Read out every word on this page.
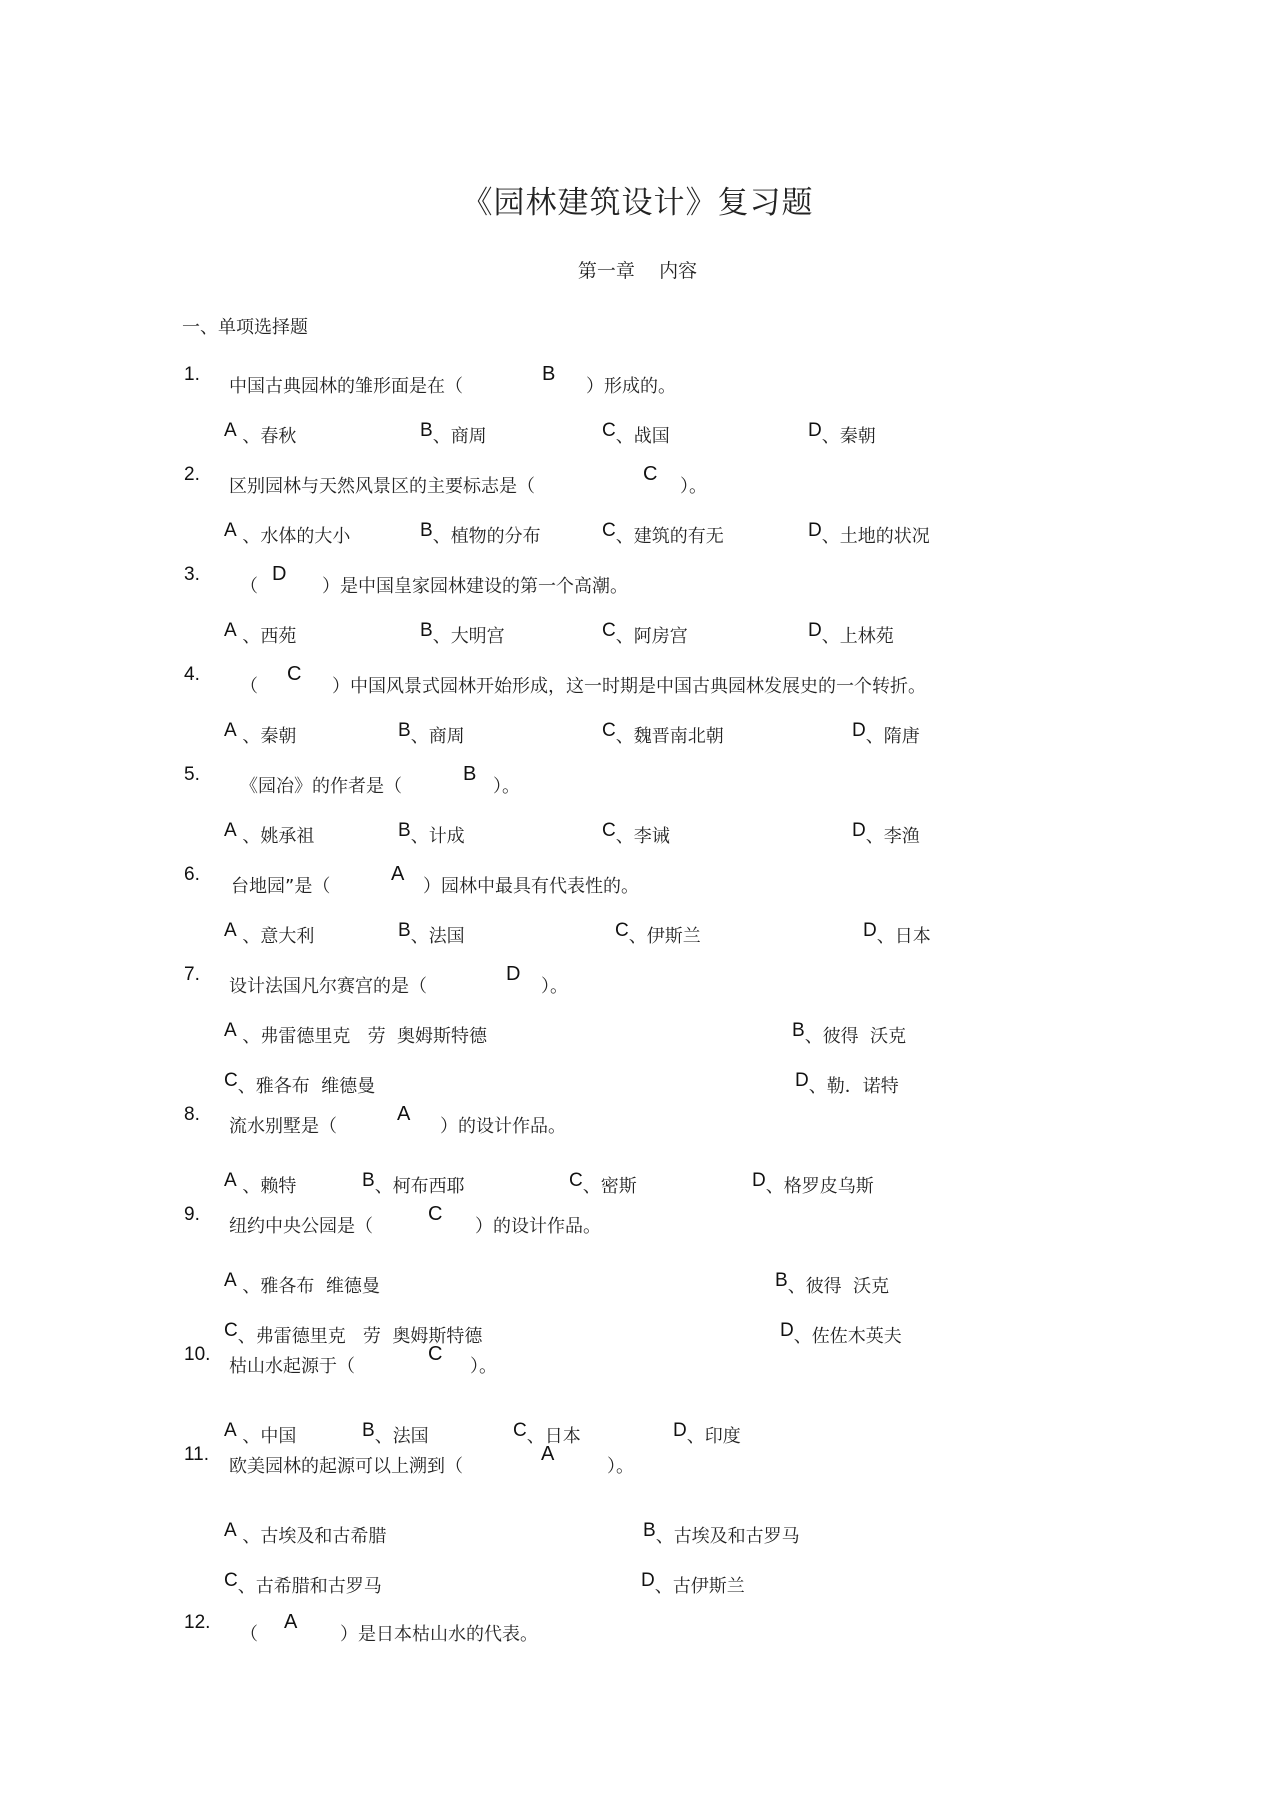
《园林建筑设计》复习题
第一章    内容
一、单项选择题
1.
中国古典园林的雏形面是在（
B
）形成的。
A 、春秋	B、商周	C、战国	D、秦朝
2.
区别园林与天然风景区的主要标志是（
C
）。
A 、水体的大小	B、植物的分布	C、建筑的有无	D、土地的状况
3.
（
D
）是中国皇家园林建设的第一个高潮。
A 、西苑	B、大明宫	C、阿房宫	D、上林苑
4.
（
C
）中国风景式园林开始形成，这一时期是中国古典园林发展史的一个转折。
A 、秦朝	B、商周	C、魏晋南北朝	D、隋唐
5.
《园冶》的作者是（
B
）。
A 、姚承祖	B、计成	C、李诫	D、李渔
6.
台地园”是（
A
）园林中最具有代表性的。
A 、意大利	B、法国	C、伊斯兰	D、日本
7.
设计法国凡尔赛宫的是（
D
）。
A 、弗雷德里克   劳  奥姆斯特德	B、彼得  沃克
C、雅各布  维德曼	D、勒．诺特
8.
流水别墅是（
A
）的设计作品。
A 、赖特	B、柯布西耶	C、密斯	D、格罗皮乌斯
9.
纽约中央公园是（
C
）的设计作品。
A 、雅各布  维德曼	B、彼得  沃克
C、弗雷德里克   劳  奥姆斯特德	D、佐佐木英夫
10.
枯山水起源于（
C
）。
A 、中国	B、法国	C、日本	D、印度
11.
欧美园林的起源可以上溯到（
A
）。
A 、古埃及和古希腊	B、古埃及和古罗马
C、古希腊和古罗马	D、古伊斯兰
12.
（
A
）是日本枯山水的代表。
